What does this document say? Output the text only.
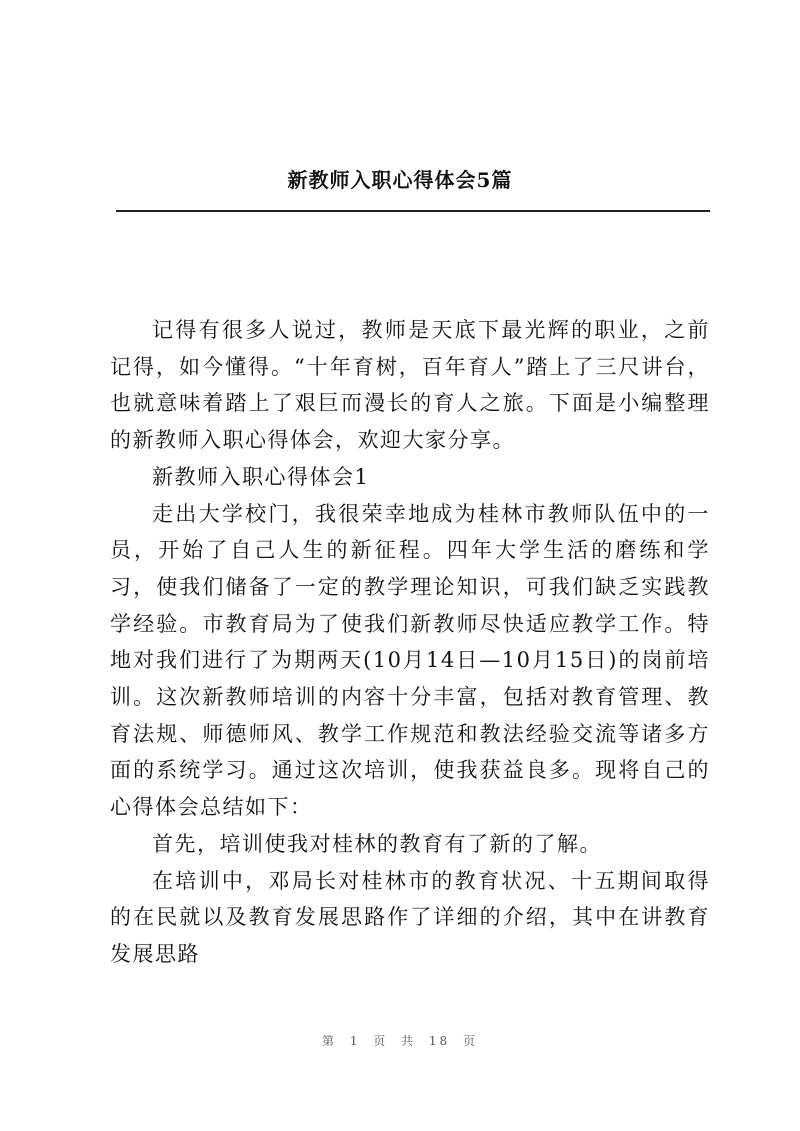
新教师入职心得体会5篇

记得有很多人说过，教师是天底下最光辉的职业，之前记得，如今懂得。“十年育树，百年育人”踏上了三尺讲台，也就意味着踏上了艰巨而漫长的育人之旅。下面是小编整理的新教师入职心得体会，欢迎大家分享。

新教师入职心得体会1

走出大学校门，我很荣幸地成为桂林市教师队伍中的一员，开始了自己人生的新征程。四年大学生活的磨练和学习，使我们储备了一定的教学理论知识，可我们缺乏实践教学经验。市教育局为了使我们新教师尽快适应教学工作。特地对我们进行了为期两天(10月14日—10月15日)的岗前培训。这次新教师培训的内容十分丰富，包括对教育管理、教育法规、师德师风、教学工作规范和教法经验交流等诸多方面的系统学习。通过这次培训，使我获益良多。现将自己的心得体会总结如下：

首先，培训使我对桂林的教育有了新的了解。

在培训中，邓局长对桂林市的教育状况、十五期间取得的在民就以及教育发展思路作了详细的介绍，其中在讲教育发展思路

第 1 页 共 18 页
